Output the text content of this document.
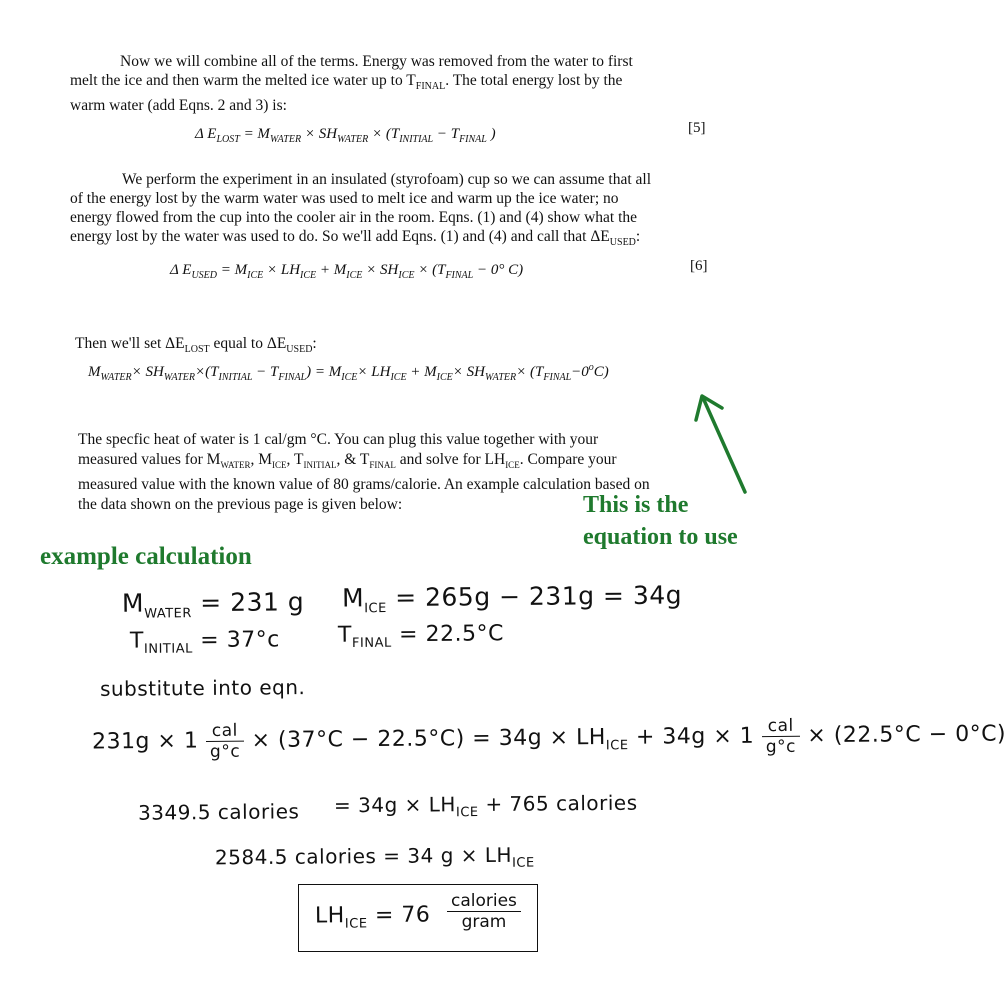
Now we will combine all of the terms. Energy was removed from the water to first

melt the ice and then warm the melted ice water up to $T_{FINAL}$. The total energy lost by the

warm water (add Eqns. 2 and 3) is:

Δ $E_{LOST} = M_{WATER} \times SH_{WATER} \times (T_{INITIAL} - T_{FINAL}$ )	[5]

We perform the experiment in an insulated (styrofoam) cup so we can assume that all

of the energy lost by the warm water was used to melt ice and warm up the ice water; no

energy flowed from the cup into the cooler air in the room. Eqns. (1) and (4) show what the

energy lost by the water was used to do. So we'll add Eqns. (1) and (4) and call that $\Delta E_{USED}$:

Δ $E_{USED} = M_{ICE} \times LH_{ICE} + M_{ICE} \times SH_{ICE} \times (T_{FINAL} - 0^\circ$ C)	[6]

Then we'll set $\Delta E_{LOST}$ equal to $\Delta E_{USED}$:

$M_{WATER}\times SH_{WATER}\times(T_{INITIAL} - T_{FINAL}) = M_{ICE}\times LH_{ICE} + M_{ICE}\times SH_{WATER}\times (T_{FINAL}-0^oC)$

The specfic heat of water is 1 cal/gm °C. You can plug this value together with your

measured values for $M_{WATER}$, $M_{ICE}$, $T_{INITIAL}$, & $T_{FINAL}$ and solve for $LH_{ICE}$. Compare your

measured value with the known value of 80 grams/calorie. An example calculation based on

the data shown on the previous page is given below:	This is the
equation to use
example calculation
$M_{WATER} = 231$ g $M_{ICE} = 265g - 231g = 34g$
$T_{INITIAL} = 37^\circ c$	$T_{FINAL} = 22.5^\circ C$
substitute into eqn.
$231g \times 1 \frac{\text{cal}}{g^\circ c} \times (37^\circ C - 22.5^\circ C) = 34g \times LH_{ICE} + 34g \times 1 \frac{\text{cal}}{g^\circ c} \times (22.5^\circ C - 0^\circ C)$
3349.5 calories = $34g \times LH_{ICE} + 765$ calories
2584.5 calories = 34 $g \times LH_{ICE}$
$LH_{ICE} = 76$
calories
gram
